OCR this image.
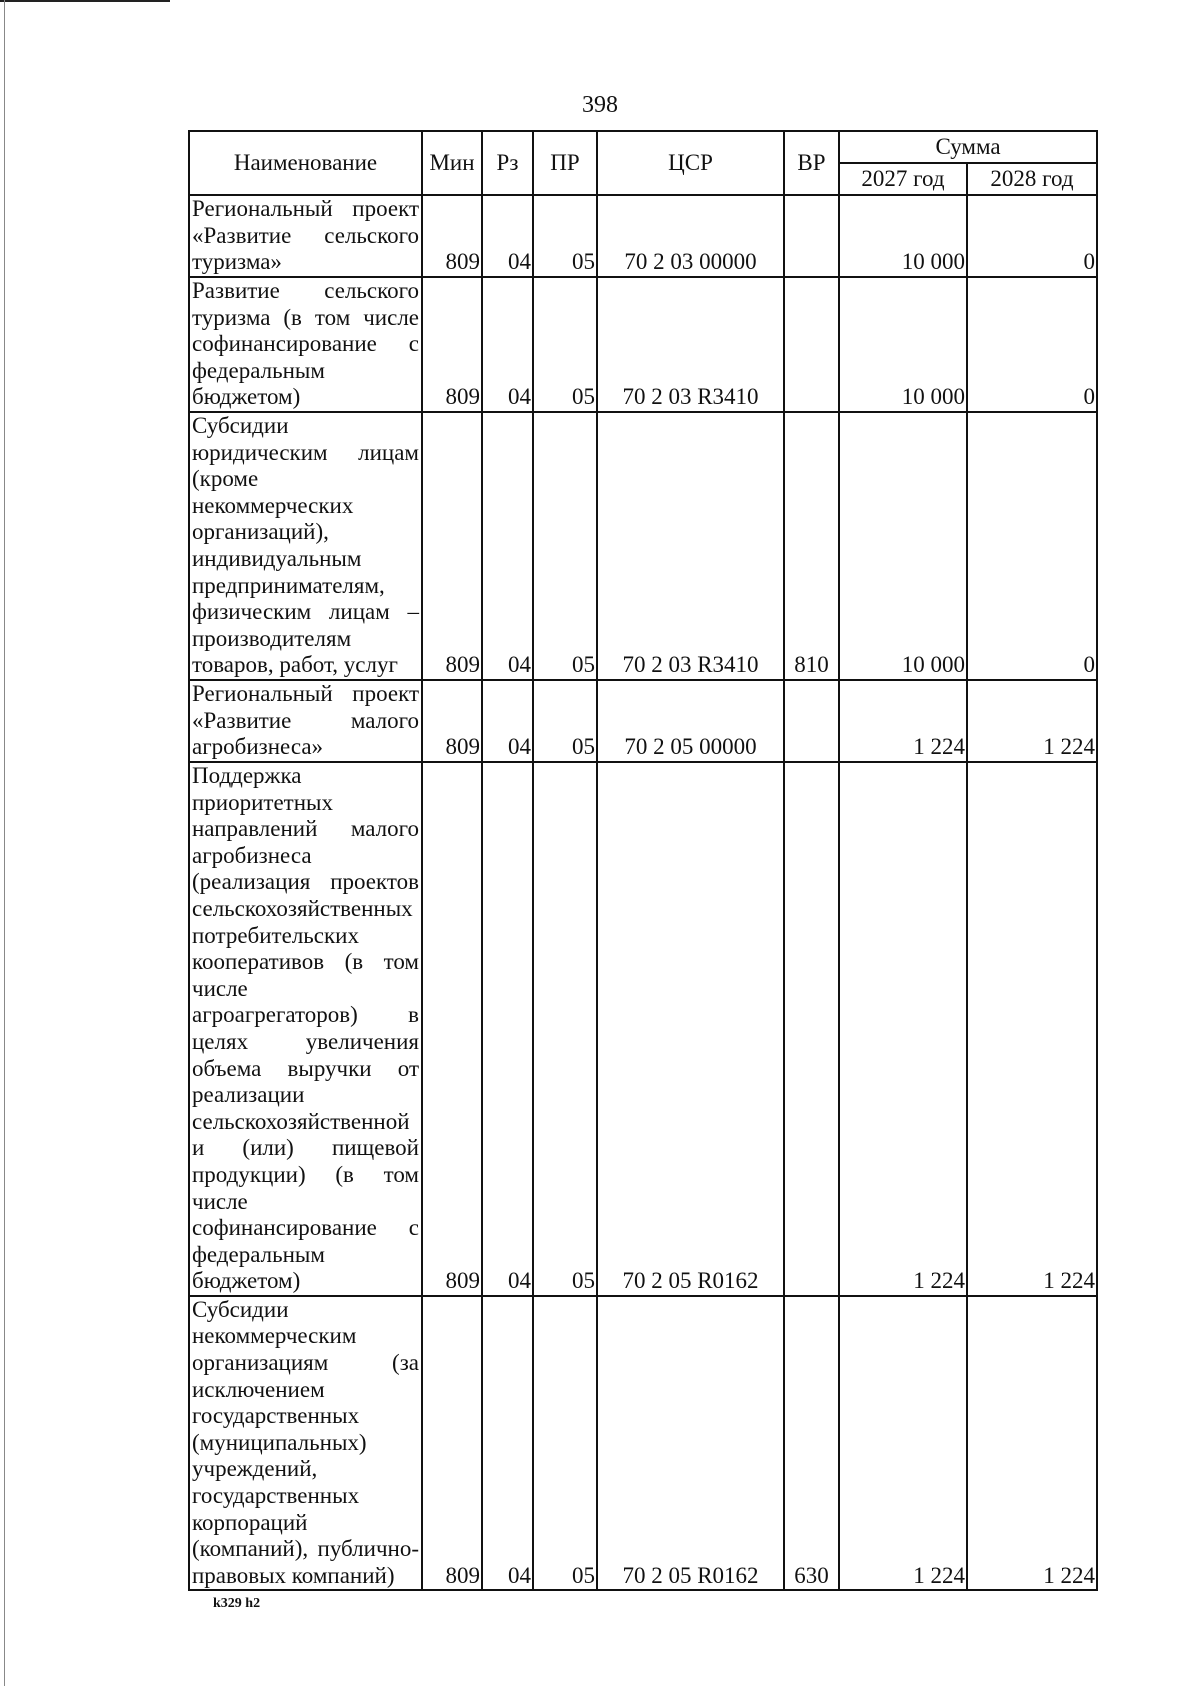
398
Наименование	Мин	Рз	ПР	ЦСР	ВР	Сумма	
						2027 год	2028 год
Региональный проект «Развитие сельского туризма»	809	04	05	70 2 03 00000		10 000	0
Развитие сельского туризма (в том числе софинансирование с федеральным бюджетом)	809	04	05	70 2 03 R3410		10 000	0
Субсидии юридическим лицам (кроме некоммерческих организаций), индивидуальным предпринимателям, физическим лицам – производителям товаров, работ, услуг	809	04	05	70 2 03 R3410	810	10 000	0
Региональный проект «Развитие малого агробизнеса»	809	04	05	70 2 05 00000		1 224	1 224
Поддержка приоритетных направлений малого агробизнеса (реализация проектов сельскохозяйственных потребительских кооперативов (в том числе агроагрегаторов) в целях увеличения объема выручки от реализации сельскохозяйственной и (или) пищевой продукции) (в том числе софинансирование с федеральным бюджетом)	809	04	05	70 2 05 R0162		1 224	1 224
Субсидии некоммерческим организациям (за исключением государственных (муниципальных) учреждений, государственных корпораций (компаний), публично-правовых компаний)	809	04	05	70 2 05 R0162	630	1 224	1 224
k329 h2
